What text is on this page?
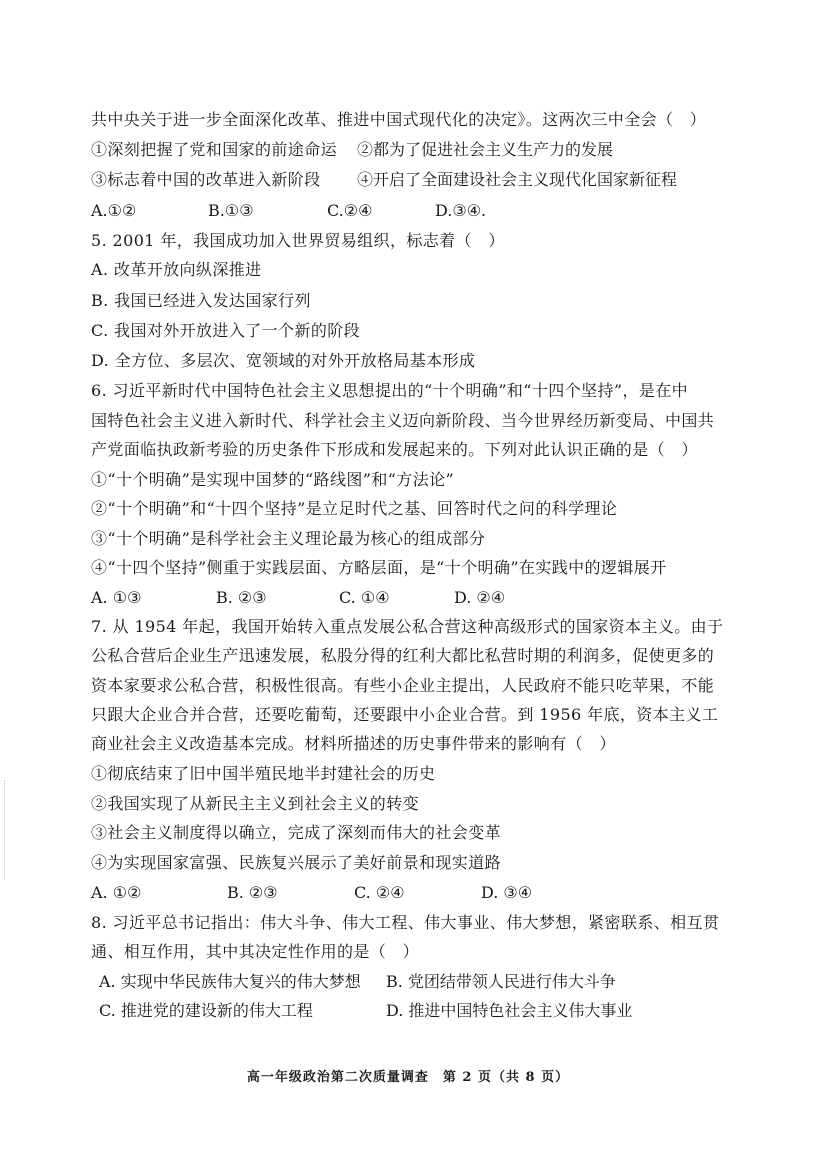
共中央关于进一步全面深化改革、推进中国式现代化的决定》。这两次三中全会（　）
①深刻把握了党和国家的前途命运 ②都为了促进社会主义生产力的发展
③标志着中国的改革进入新阶段 ④开启了全面建设社会主义现代化国家新征程
A.①②	B.①③	C.②④	D.③④.
5. 2001 年，我国成功加入世界贸易组织，标志着（　）
A. 改革开放向纵深推进
B. 我国已经进入发达国家行列
C. 我国对外开放进入了一个新的阶段
D. 全方位、多层次、宽领域的对外开放格局基本形成
6. 习近平新时代中国特色社会主义思想提出的“十个明确”和“十四个坚持”，是在中
国特色社会主义进入新时代、科学社会主义迈向新阶段、当今世界经历新变局、中国共
产党面临执政新考验的历史条件下形成和发展起来的。下列对此认识正确的是（　）
①“十个明确”是实现中国梦的“路线图”和“方法论”
②“十个明确”和“十四个坚持”是立足时代之基、回答时代之问的科学理论
③“十个明确”是科学社会主义理论最为核心的组成部分
④“十四个坚持”侧重于实践层面、方略层面，是“十个明确”在实践中的逻辑展开
A. ①③	B. ②③	C. ①④	D. ②④
7. 从 1954 年起，我国开始转入重点发展公私合营这种高级形式的国家资本主义。由于
公私合营后企业生产迅速发展，私股分得的红利大都比私营时期的利润多，促使更多的
资本家要求公私合营，积极性很高。有些小企业主提出，人民政府不能只吃苹果，不能
只跟大企业合并合营，还要吃葡萄，还要跟中小企业合营。到 1956 年底，资本主义工
商业社会主义改造基本完成。材料所描述的历史事件带来的影响有（　）
①彻底结束了旧中国半殖民地半封建社会的历史
②我国实现了从新民主主义到社会主义的转变
③社会主义制度得以确立，完成了深刻而伟大的社会变革
④为实现国家富强、民族复兴展示了美好前景和现实道路
A. ①②	B. ②③	C. ②④	D. ③④
8. 习近平总书记指出：伟大斗争、伟大工程、伟大事业、伟大梦想，紧密联系、相互贯
通、相互作用，其中其决定性作用的是（　）
A. 实现中华民族伟大复兴的伟大梦想 B. 党团结带领人民进行伟大斗争
C. 推进党的建设新的伟大工程	D. 推进中国特色社会主义伟大事业
高一年级政治第二次质量调查　第 2 页（共 8 页）
